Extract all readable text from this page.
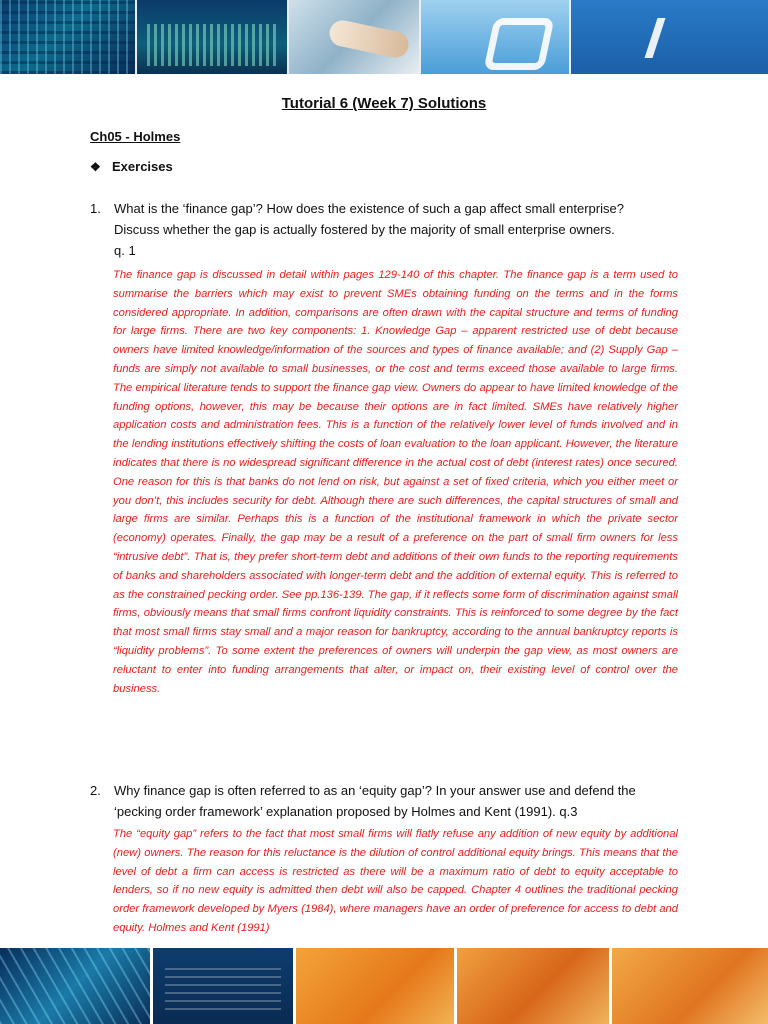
Tutorial 6 (Week 7) Solutions
Ch05 - Holmes
❖ Exercises
1. What is the ‘finance gap’? How does the existence of such a gap affect small enterprise? Discuss whether the gap is actually fostered by the majority of small enterprise owners.
q. 1
The finance gap is discussed in detail within pages 129-140 of this chapter. The finance gap is a term used to summarise the barriers which may exist to prevent SMEs obtaining funding on the terms and in the forms considered appropriate. In addition, comparisons are often drawn with the capital structure and terms of funding for large firms. There are two key components: 1. Knowledge Gap – apparent restricted use of debt because owners have limited knowledge/information of the sources and types of finance available; and (2) Supply Gap – funds are simply not available to small businesses, or the cost and terms exceed those available to large firms. The empirical literature tends to support the finance gap view. Owners do appear to have limited knowledge of the funding options, however, this may be because their options are in fact limited. SMEs have relatively higher application costs and administration fees. This is a function of the relatively lower level of funds involved and in the lending institutions effectively shifting the costs of loan evaluation to the loan applicant. However, the literature indicates that there is no widespread significant difference in the actual cost of debt (interest rates) once secured. One reason for this is that banks do not lend on risk, but against a set of fixed criteria, which you either meet or you don’t, this includes security for debt. Although there are such differences, the capital structures of small and large firms are similar. Perhaps this is a function of the institutional framework in which the private sector (economy) operates. Finally, the gap may be a result of a preference on the part of small firm owners for less “intrusive debt”. That is, they prefer short-term debt and additions of their own funds to the reporting requirements of banks and shareholders associated with longer-term debt and the addition of external equity. This is referred to as the constrained pecking order. See pp.136-139. The gap, if it reflects some form of discrimination against small firms, obviously means that small firms confront liquidity constraints. This is reinforced to some degree by the fact that most small firms stay small and a major reason for bankruptcy, according to the annual bankruptcy reports is “liquidity problems”. To some extent the preferences of owners will underpin the gap view, as most owners are reluctant to enter into funding arrangements that alter, or impact on, their existing level of control over the business.
2. Why finance gap is often referred to as an ‘equity gap’? In your answer use and defend the ‘pecking order framework’ explanation proposed by Holmes and Kent (1991). q.3
The “equity gap” refers to the fact that most small firms will flatly refuse any addition of new equity by additional (new) owners. The reason for this reluctance is the dilution of control additional equity brings. This means that the level of debt a firm can access is restricted as there will be a maximum ratio of debt to equity acceptable to lenders, so if no new equity is admitted then debt will also be capped. Chapter 4 outlines the traditional pecking order framework developed by Myers (1984), where managers have an order of preference for access to debt and equity. Holmes and Kent (1991)
